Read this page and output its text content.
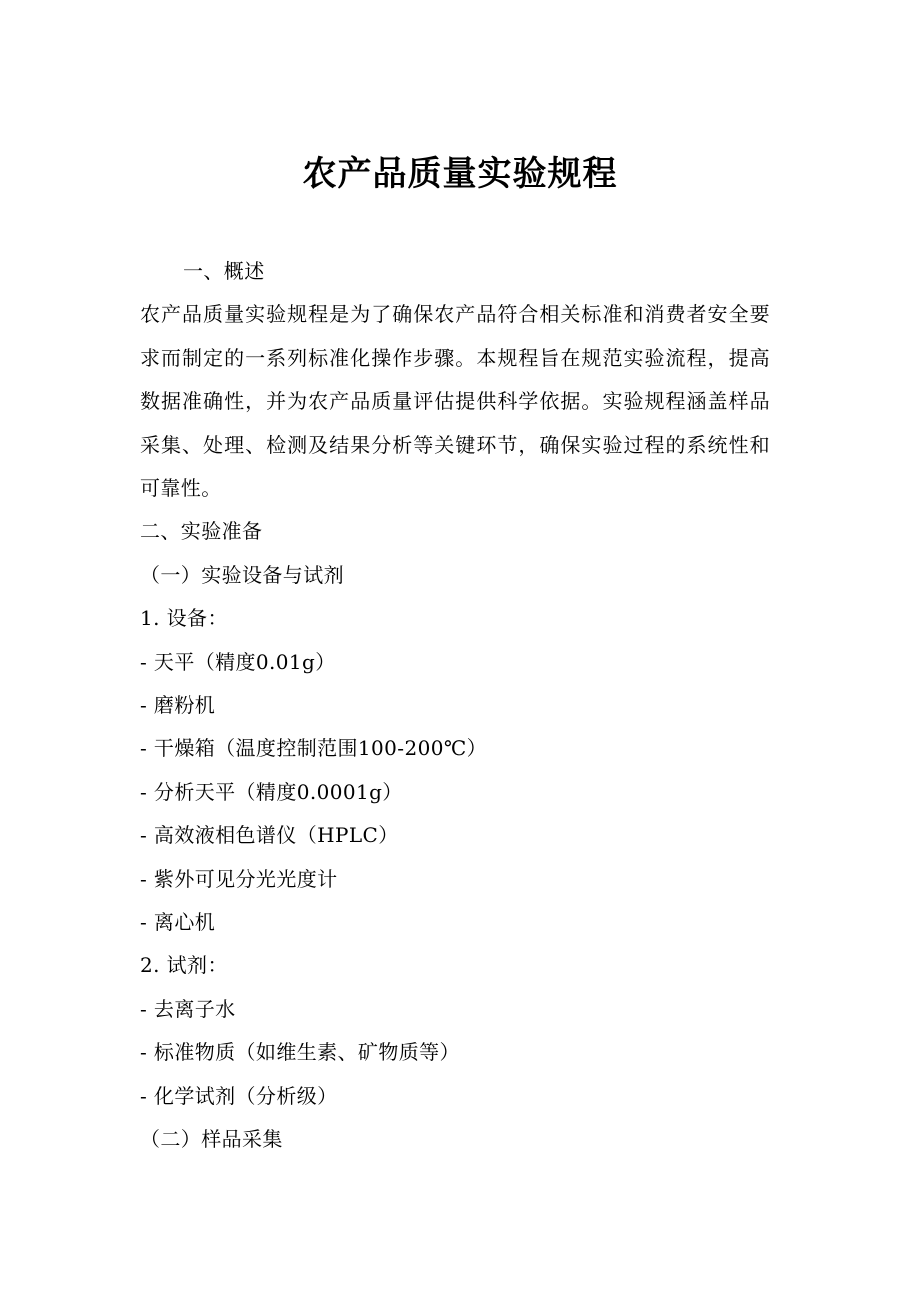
农产品质量实验规程
一、概述
农产品质量实验规程是为了确保农产品符合相关标准和消费者安全要求而制定的一系列标准化操作步骤。本规程旨在规范实验流程，提高数据准确性，并为农产品质量评估提供科学依据。实验规程涵盖样品采集、处理、检测及结果分析等关键环节，确保实验过程的系统性和可靠性。
二、实验准备
（一）实验设备与试剂
1. 设备：
- 天平（精度0.01g）
- 磨粉机
- 干燥箱（温度控制范围100-200℃）
- 分析天平（精度0.0001g）
- 高效液相色谱仪（HPLC）
- 紫外可见分光光度计
- 离心机
2. 试剂：
- 去离子水
- 标准物质（如维生素、矿物质等）
- 化学试剂（分析级）
（二）样品采集
